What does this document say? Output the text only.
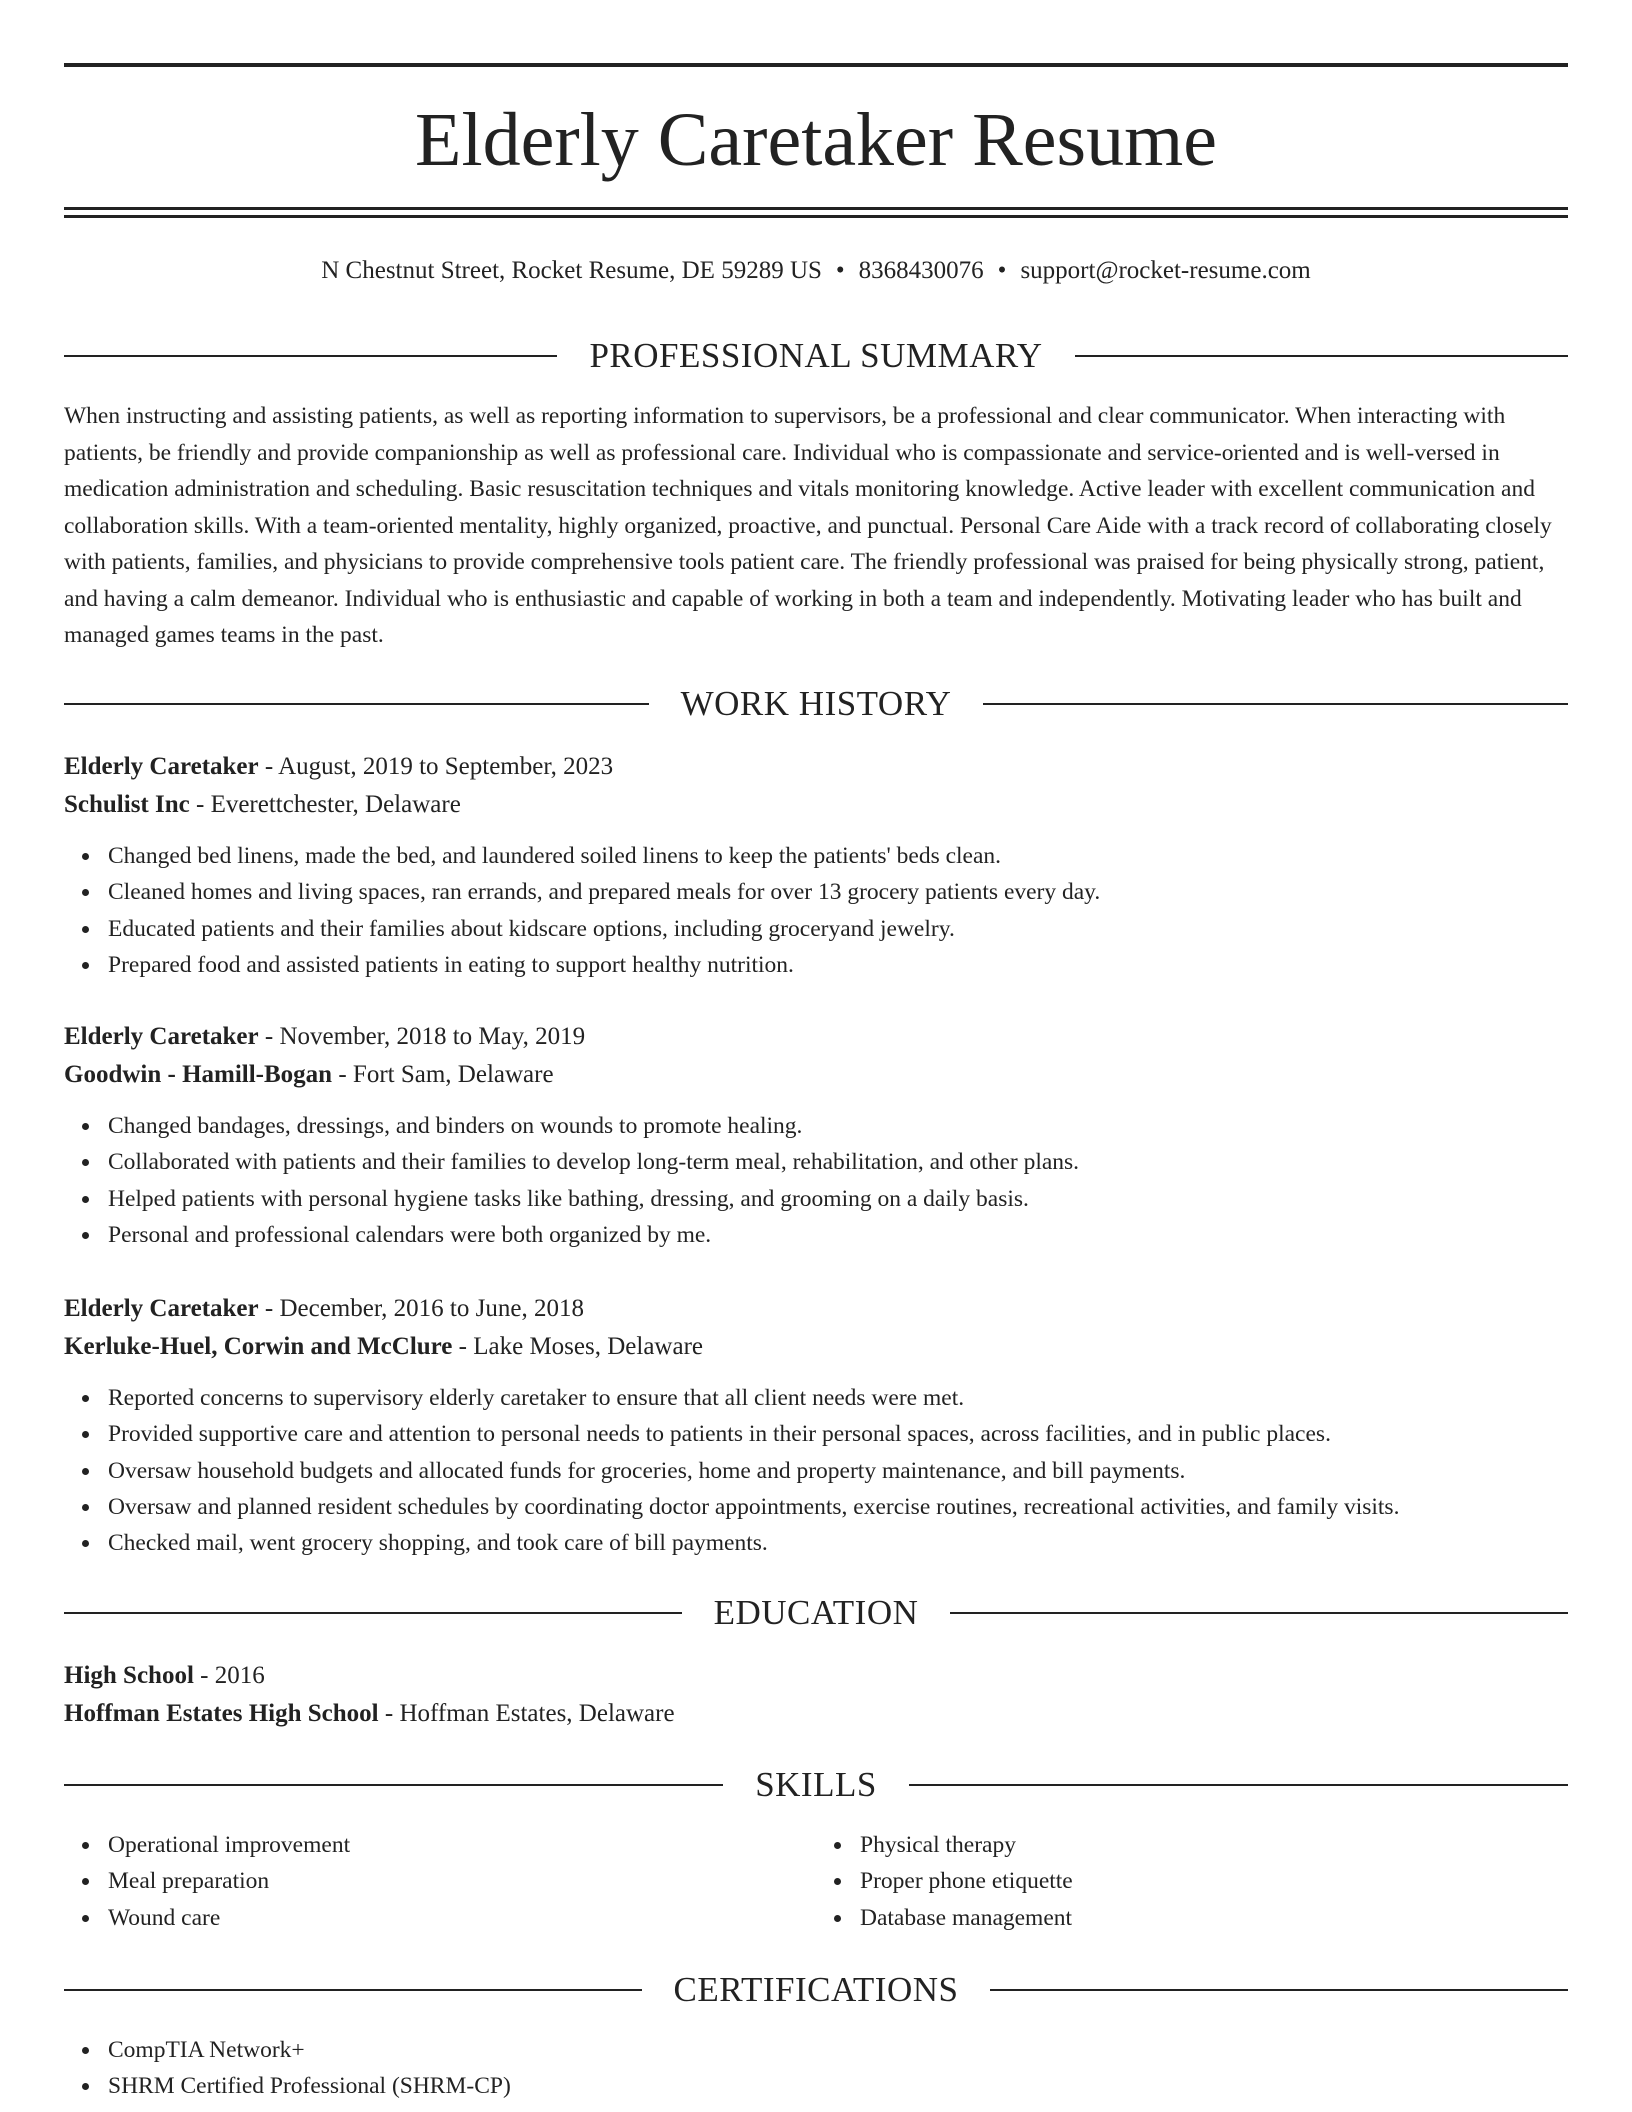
Elderly Caretaker Resume
N Chestnut Street, Rocket Resume, DE 59289 US • 8368430076 • support@rocket-resume.com
PROFESSIONAL SUMMARY

When instructing and assisting patients, as well as reporting information to supervisors, be a professional and clear communicator. When interacting with patients, be friendly and provide companionship as well as professional care. Individual who is compassionate and service-oriented and is well-versed in medication administration and scheduling. Basic resuscitation techniques and vitals monitoring knowledge. Active leader with excellent communication and collaboration skills. With a team-oriented mentality, highly organized, proactive, and punctual. Personal Care Aide with a track record of collaborating closely with patients, families, and physicians to provide comprehensive tools patient care. The friendly professional was praised for being physically strong, patient, and having a calm demeanor. Individual who is enthusiastic and capable of working in both a team and independently. Motivating leader who has built and managed games teams in the past.

WORK HISTORY
Elderly Caretaker - August, 2019 to September, 2023
Schulist Inc - Everettchester, Delaware
Changed bed linens, made the bed, and laundered soiled linens to keep the patients' beds clean.
Cleaned homes and living spaces, ran errands, and prepared meals for over 13 grocery patients every day.
Educated patients and their families about kidscare options, including groceryand jewelry.
Prepared food and assisted patients in eating to support healthy nutrition.
Elderly Caretaker - November, 2018 to May, 2019
Goodwin - Hamill-Bogan - Fort Sam, Delaware
Changed bandages, dressings, and binders on wounds to promote healing.
Collaborated with patients and their families to develop long-term meal, rehabilitation, and other plans.
Helped patients with personal hygiene tasks like bathing, dressing, and grooming on a daily basis.
Personal and professional calendars were both organized by me.
Elderly Caretaker - December, 2016 to June, 2018
Kerluke-Huel, Corwin and McClure - Lake Moses, Delaware
Reported concerns to supervisory elderly caretaker to ensure that all client needs were met.
Provided supportive care and attention to personal needs to patients in their personal spaces, across facilities, and in public places.
Oversaw household budgets and allocated funds for groceries, home and property maintenance, and bill payments.
Oversaw and planned resident schedules by coordinating doctor appointments, exercise routines, recreational activities, and family visits.
Checked mail, went grocery shopping, and took care of bill payments.
EDUCATION
High School - 2016
Hoffman Estates High School - Hoffman Estates, Delaware
SKILLS
Operational improvement
Meal preparation
Wound care
Physical therapy
Proper phone etiquette
Database management
CERTIFICATIONS
CompTIA Network+
SHRM Certified Professional (SHRM-CP)
